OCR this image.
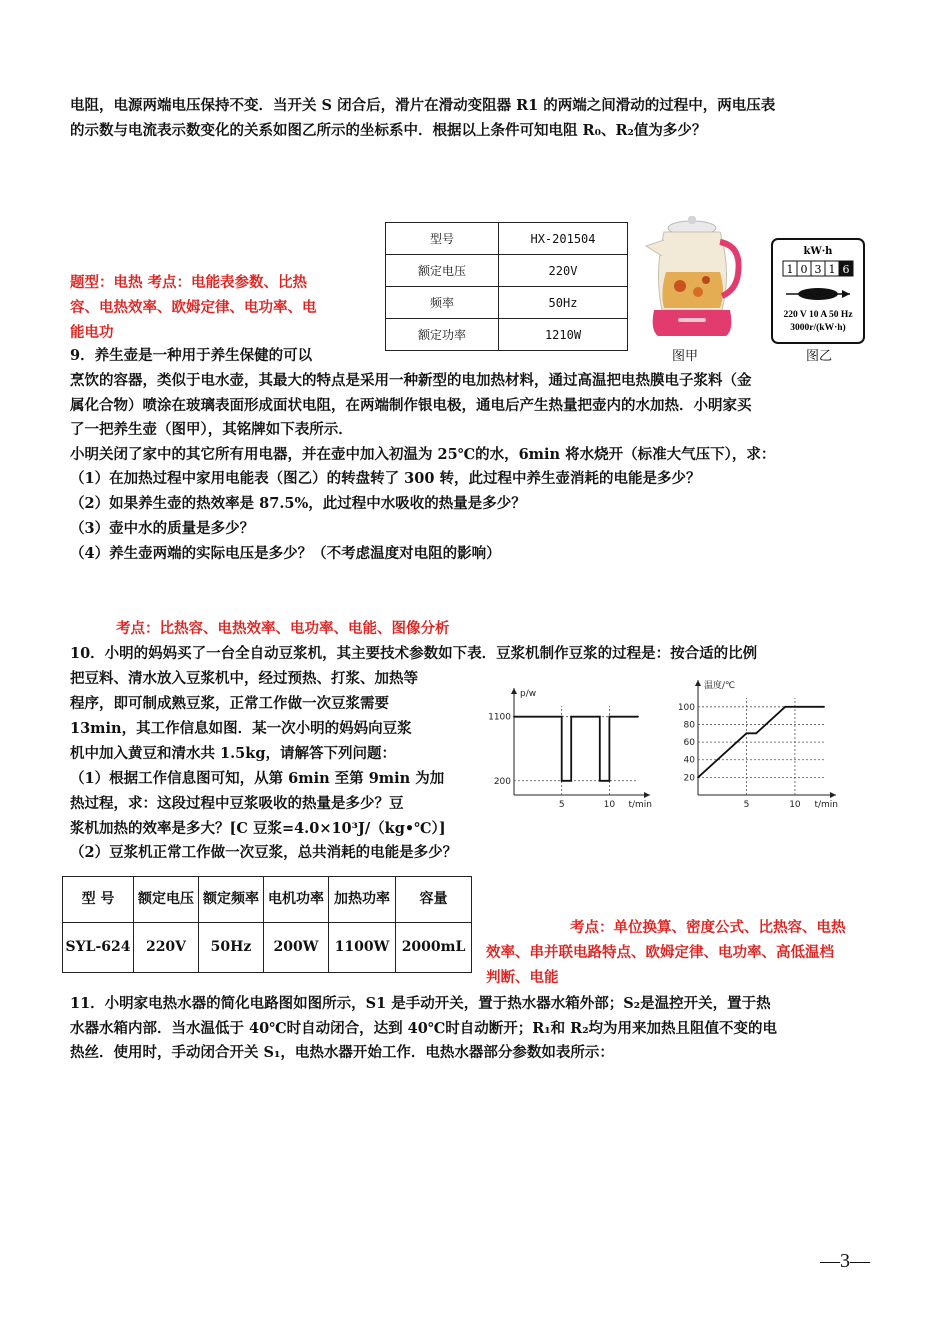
电阻，电源两端电压保持不变．当开关 S 闭合后，滑片在滑动变阻器 R1 的两端之间滑动的过程中，两电压表
的示数与电流表示数变化的关系如图乙所示的坐标系中．根据以上条件可知电阻 R₀、R₂值为多少？
题型：电热 考点：电能表参数、比热
容、电热效率、欧姆定律、电功率、电
能电功
型号	HX-201504
额定电压	220V
频率	50Hz
额定功率	1210W
kW·h
1 0 3 1 6
220 V 10 A 50 Hz
3000r/(kW·h)
图甲	图乙
9．养生壶是一种用于养生保健的可以
烹饮的容器，类似于电水壶，其最大的特点是采用一种新型的电加热材料，通过高温把电热膜电子浆料（金
属化合物）喷涂在玻璃表面形成面状电阻，在两端制作银电极，通电后产生热量把壶内的水加热．小明家买
了一把养生壶（图甲），其铭牌如下表所示．
小明关闭了家中的其它所有用电器，并在壶中加入初温为 25℃的水，6min 将水烧开（标准大气压下），求：
（1）在加热过程中家用电能表（图乙）的转盘转了 300 转，此过程中养生壶消耗的电能是多少？
（2）如果养生壶的热效率是 87.5%，此过程中水吸收的热量是多少？
（3）壶中水的质量是多少？
（4）养生壶两端的实际电压是多少？（不考虑温度对电阻的影响）
考点：比热容、电热效率、电功率、电能、图像分析
10．小明的妈妈买了一台全自动豆浆机，其主要技术参数如下表．豆浆机制作豆浆的过程是：按合适的比例
把豆料、清水放入豆浆机中，经过预热、打浆、加热等
程序，即可制成熟豆浆，正常工作做一次豆浆需要
13min，其工作信息如图．某一次小明的妈妈向豆浆
机中加入黄豆和清水共 1.5kg，请解答下列问题：
（1）根据工作信息图可知，从第 6min 至第 9min 为加
热过程，求：这段过程中豆浆吸收的热量是多少？豆
浆机加热的效率是多大？[C 豆浆=4.0×10³J/（kg•℃）]
（2）豆浆机正常工作做一次豆浆，总共消耗的电能是多少？
200
1100
5	10
p/w
t/min
20
40
60
80
100
5	10
温度/℃
t/min
型 号	额定电压	额定频率	电机功率	加热功率	容量
SYL-624	220V	50Hz	200W	1100W	2000mL
考点：单位换算、密度公式、比热容、电热
效率、串并联电路特点、欧姆定律、电功率、高低温档
判断、电能
11．小明家电热水器的简化电路图如图所示，S1 是手动开关，置于热水器水箱外部；S₂是温控开关，置于热
水器水箱内部．当水温低于 40℃时自动闭合，达到 40℃时自动断开；R₁和 R₂均为用来加热且阻值不变的电
热丝．使用时，手动闭合开关 S₁，电热水器开始工作．电热水器部分参数如表所示：
—3—
